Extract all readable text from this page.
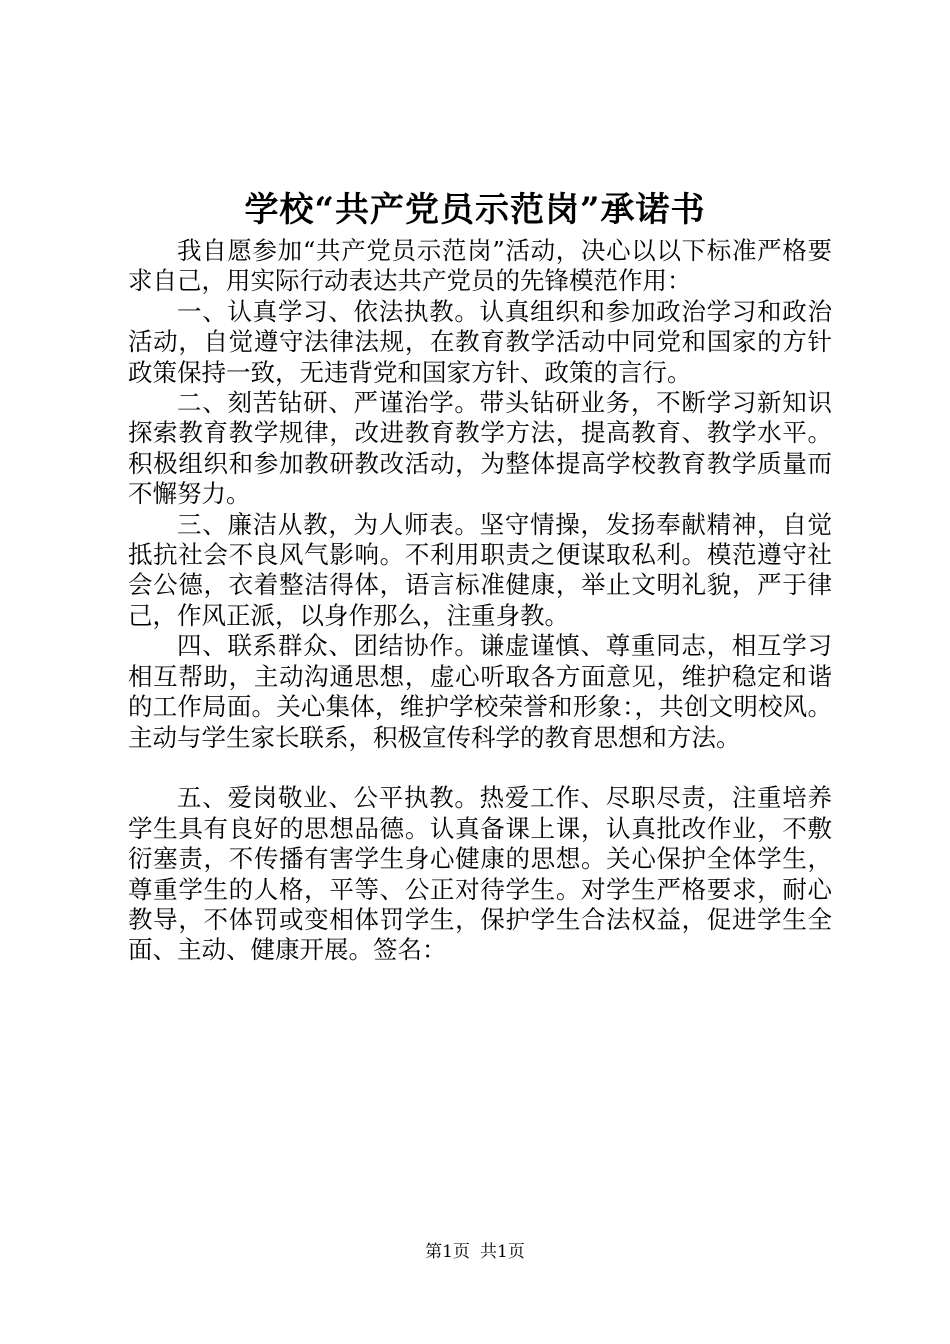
学校“共产党员示范岗”承诺书

我自愿参加“共产党员示范岗”活动，决心以以下标准严格要求自己，用实际行动表达共产党员的先锋模范作用：

一、认真学习、依法执教。认真组织和参加政治学习和政治活动，自觉遵守法律法规，在教育教学活动中同党和国家的方针政策保持一致，无违背党和国家方针、政策的言行。

二、刻苦钻研、严谨治学。带头钻研业务，不断学习新知识探索教育教学规律，改进教育教学方法，提高教育、教学水平。积极组织和参加教研教改活动，为整体提高学校教育教学质量而不懈努力。

三、廉洁从教，为人师表。坚守情操，发扬奉献精神，自觉抵抗社会不良风气影响。不利用职责之便谋取私利。模范遵守社会公德，衣着整洁得体，语言标准健康，举止文明礼貌，严于律己，作风正派，以身作那么，注重身教。

四、联系群众、团结协作。谦虚谨慎、尊重同志，相互学习相互帮助，主动沟通思想，虚心听取各方面意见，维护稳定和谐的工作局面。关心集体，维护学校荣誉和形象：，共创文明校风。主动与学生家长联系，积极宣传科学的教育思想和方法。

五、爱岗敬业、公平执教。热爱工作、尽职尽责，注重培养学生具有良好的思想品德。认真备课上课，认真批改作业，不敷衍塞责，不传播有害学生身心健康的思想。关心保护全体学生，尊重学生的人格，平等、公正对待学生。对学生严格要求，耐心教导，不体罚或变相体罚学生，保护学生合法权益，促进学生全面、主动、健康开展。签名：

第1页 共1页
